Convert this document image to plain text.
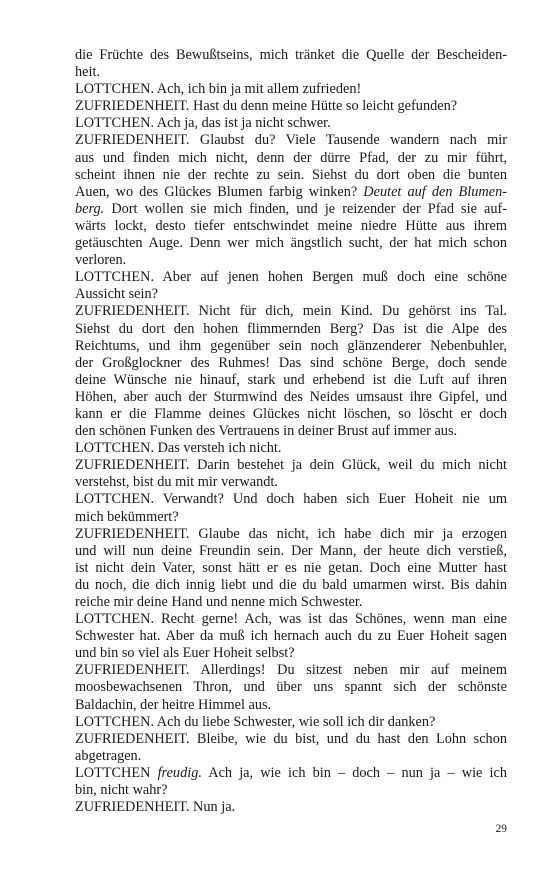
die Früchte des Bewußtseins, mich tränket die Quelle der Bescheiden-
heit.
LOTTCHEN. Ach, ich bin ja mit allem zufrieden!
ZUFRIEDENHEIT. Hast du denn meine Hütte so leicht gefunden?
LOTTCHEN. Ach ja, das ist ja nicht schwer.
ZUFRIEDENHEIT. Glaubst du? Viele Tausende wandern nach mir
aus und finden mich nicht, denn der dürre Pfad, der zu mir führt,
scheint ihnen nie der rechte zu sein. Siehst du dort oben die bunten
Auen, wo des Glückes Blumen farbig winken? Deutet auf den Blumen-
berg. Dort wollen sie mich finden, und je reizender der Pfad sie auf-
wärts lockt, desto tiefer entschwindet meine niedre Hütte aus ihrem
getäuschten Auge. Denn wer mich ängstlich sucht, der hat mich schon
verloren.
LOTTCHEN. Aber auf jenen hohen Bergen muß doch eine schöne
Aussicht sein?
ZUFRIEDENHEIT. Nicht für dich, mein Kind. Du gehörst ins Tal.
Siehst du dort den hohen flimmernden Berg? Das ist die Alpe des
Reichtums, und ihm gegenüber sein noch glänzenderer Nebenbuhler,
der Großglockner des Ruhmes! Das sind schöne Berge, doch sende
deine Wünsche nie hinauf, stark und erhebend ist die Luft auf ihren
Höhen, aber auch der Sturmwind des Neides umsaust ihre Gipfel, und
kann er die Flamme deines Glückes nicht löschen, so löscht er doch
den schönen Funken des Vertrauens in deiner Brust auf immer aus.
LOTTCHEN. Das versteh ich nicht.
ZUFRIEDENHEIT. Darin bestehet ja dein Glück, weil du mich nicht
verstehst, bist du mit mir verwandt.
LOTTCHEN. Verwandt? Und doch haben sich Euer Hoheit nie um
mich bekümmert?
ZUFRIEDENHEIT. Glaube das nicht, ich habe dich mir ja erzogen
und will nun deine Freundin sein. Der Mann, der heute dich verstieß,
ist nicht dein Vater, sonst hätt er es nie getan. Doch eine Mutter hast
du noch, die dich innig liebt und die du bald umarmen wirst. Bis dahin
reiche mir deine Hand und nenne mich Schwester.
LOTTCHEN. Recht gerne! Ach, was ist das Schönes, wenn man eine
Schwester hat. Aber da muß ich hernach auch du zu Euer Hoheit sagen
und bin so viel als Euer Hoheit selbst?
ZUFRIEDENHEIT. Allerdings! Du sitzest neben mir auf meinem
moosbewachsenen Thron, und über uns spannt sich der schönste
Baldachin, der heitre Himmel aus.
LOTTCHEN. Ach du liebe Schwester, wie soll ich dir danken?
ZUFRIEDENHEIT. Bleibe, wie du bist, und du hast den Lohn schon
abgetragen.
LOTTCHEN freudig. Ach ja, wie ich bin – doch – nun ja – wie ich
bin, nicht wahr?
ZUFRIEDENHEIT. Nun ja.
29
